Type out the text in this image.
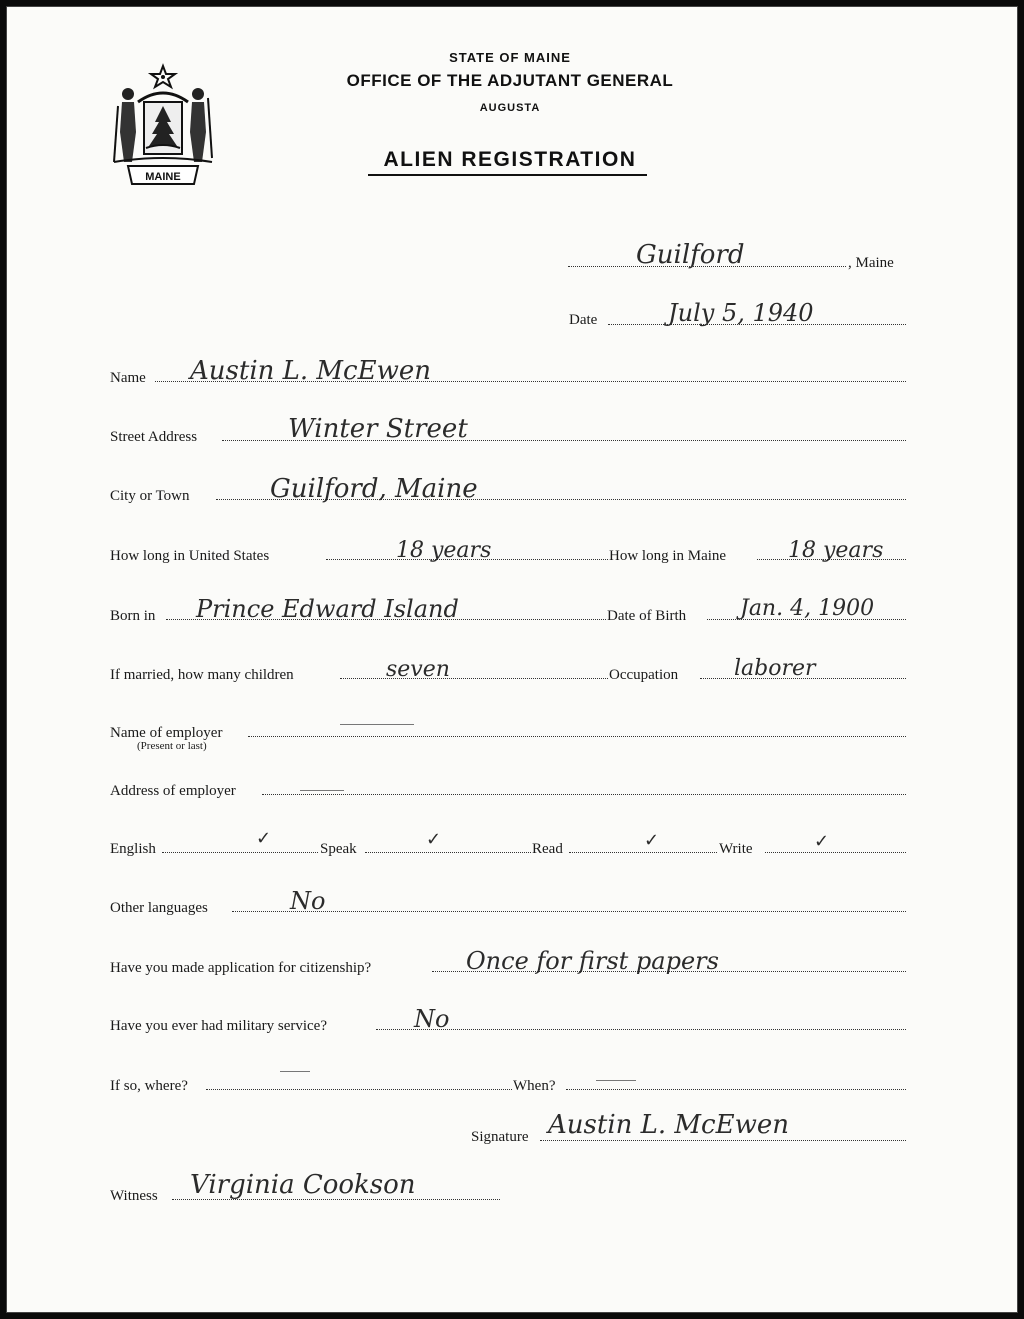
MAINE
STATE OF MAINE
OFFICE OF THE ADJUTANT GENERAL
AUGUSTA
ALIEN REGISTRATION
Guilford	, Maine
Date	July 5, 1940
Name Austin L. McEwen
Street Address	Winter Street
City or Town	Guilford, Maine
How long in United States	18 years	How long in Maine	18 years
Born in Prince Edward Island	Date of Birth Jan. 4, 1900
If married, how many children	seven	Occupation	laborer
Name of employer
(Present or last)
Address of employer
English	✓	Speak	✓	Read	✓	Write	✓
Other languages	No
Have you made application for citizenship?	Once for first papers
Have you ever had military service?	No
If so, where?	When?
Signature Austin L. McEwen
Witness Virginia Cookson
